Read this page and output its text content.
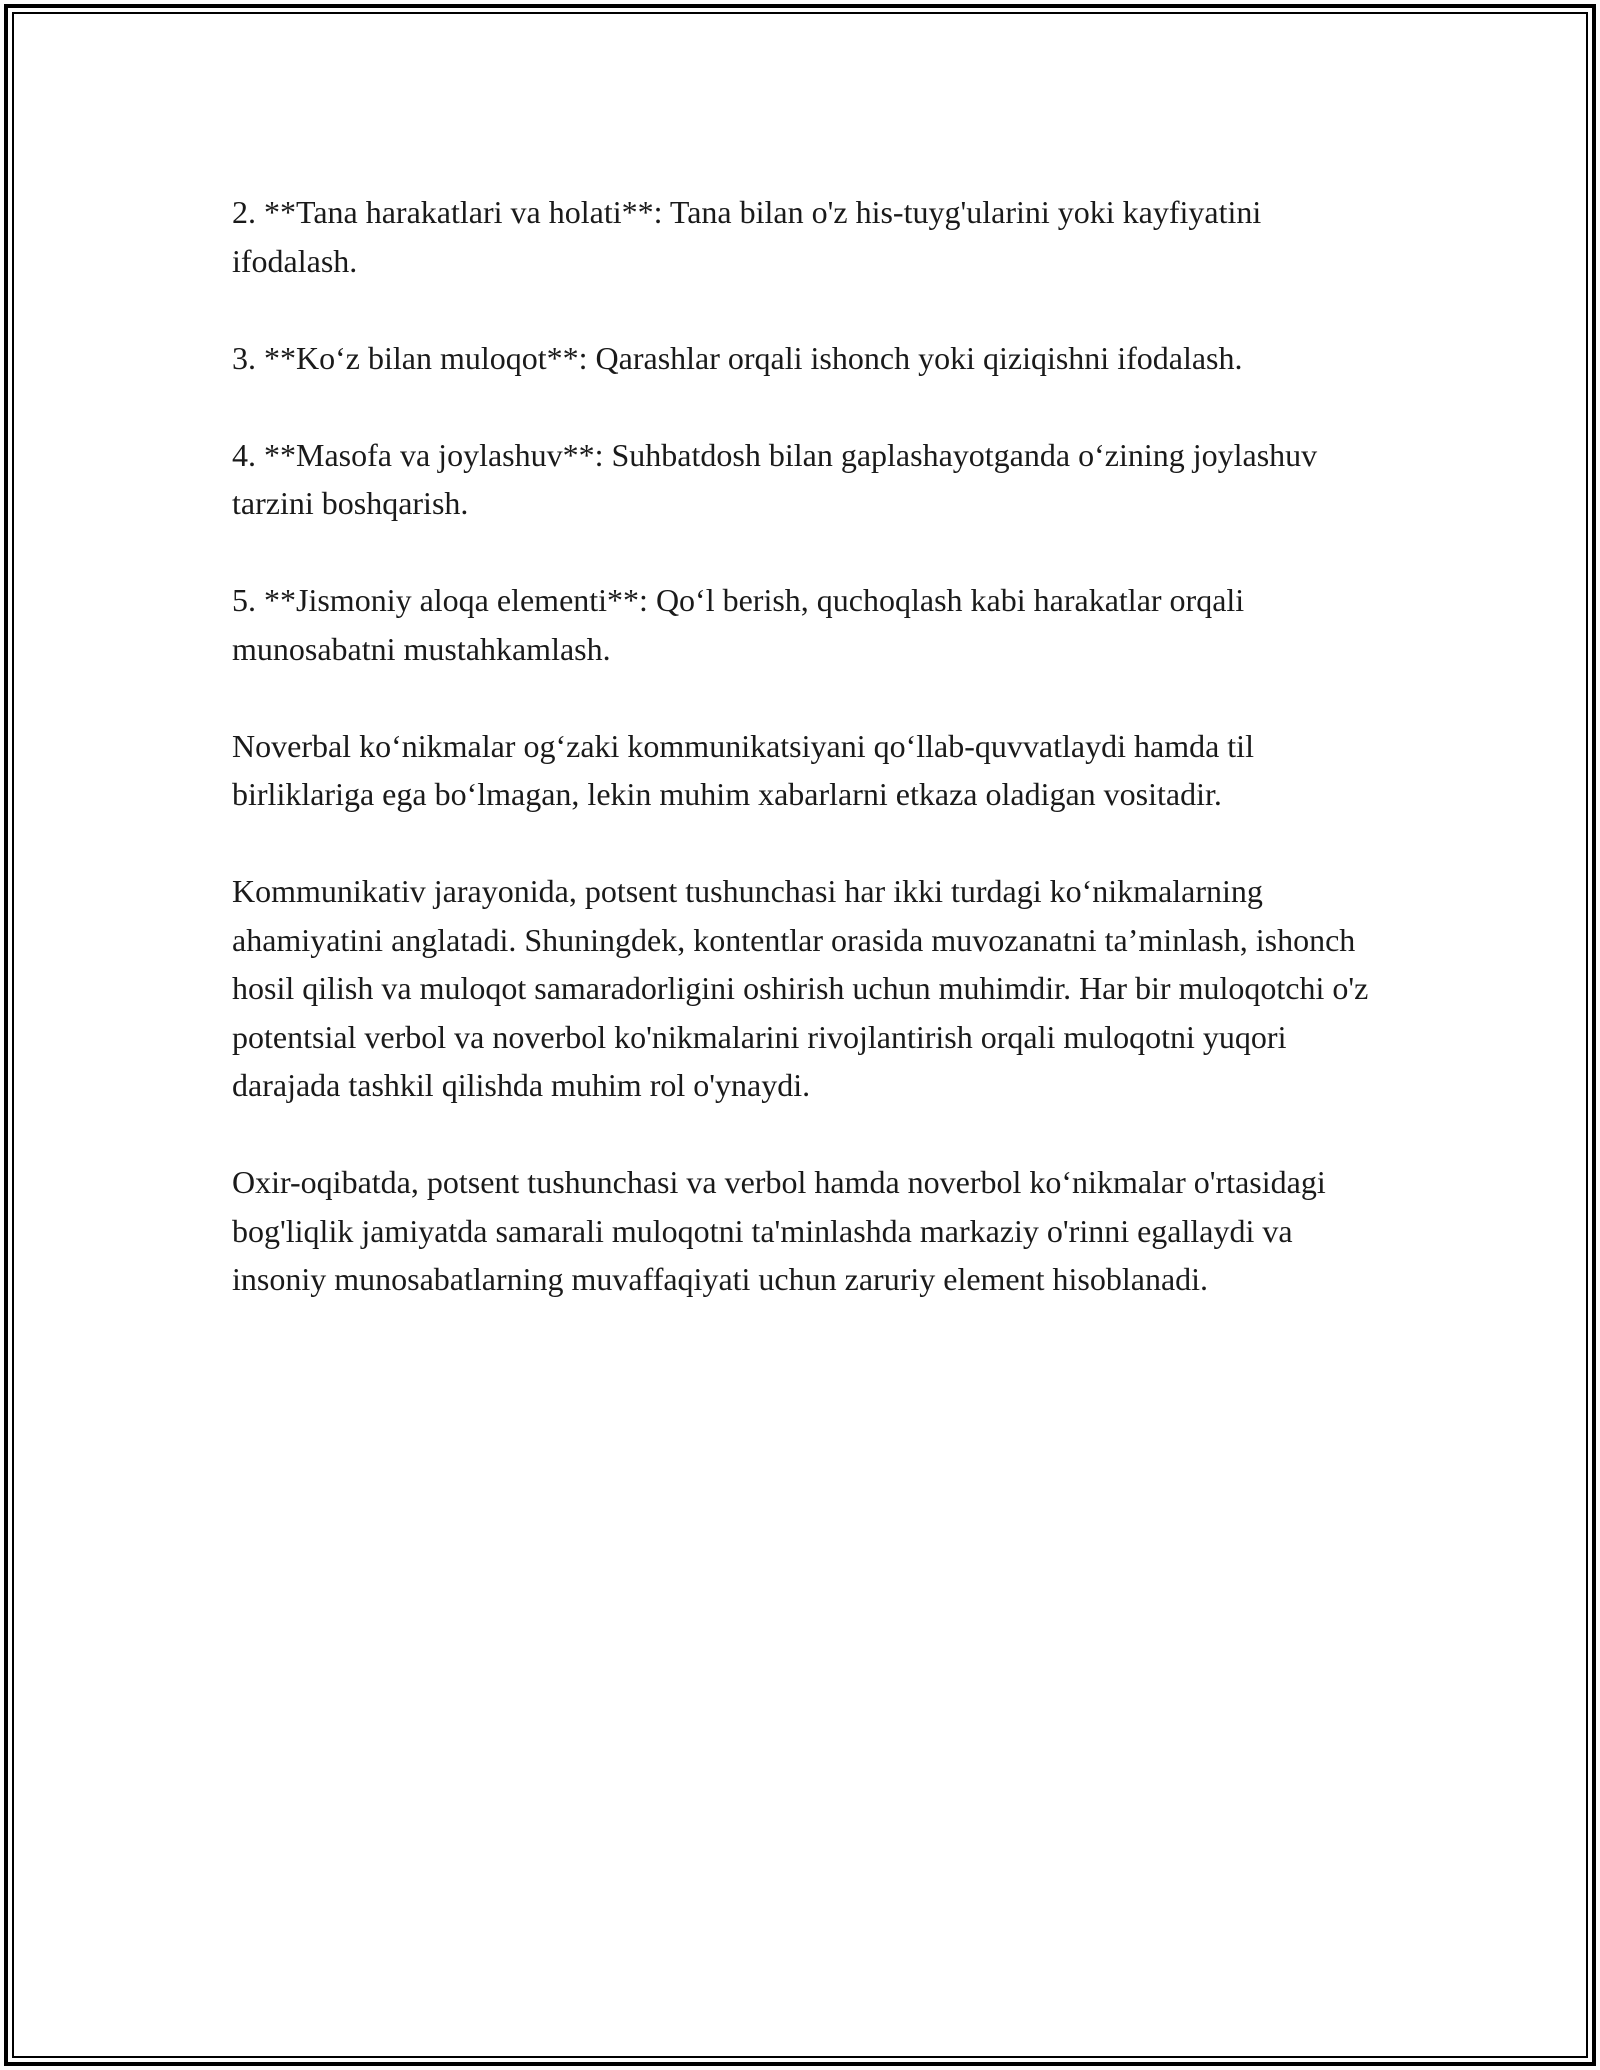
2. **Tana harakatlari va holati**: Tana bilan o'z his-tuyg'ularini yoki kayfiyatini ifodalash.

3. **Ko‘z bilan muloqot**: Qarashlar orqali ishonch yoki qiziqishni ifodalash.

4. **Masofa va joylashuv**: Suhbatdosh bilan gaplashayotganda o‘zining joylashuv tarzini boshqarish.

5. **Jismoniy aloqa elementi**: Qo‘l berish, quchoqlash kabi harakatlar orqali munosabatni mustahkamlash.

Noverbal ko‘nikmalar og‘zaki kommunikatsiyani qo‘llab-quvvatlaydi hamda til birliklariga ega bo‘lmagan, lekin muhim xabarlarni etkaza oladigan vositadir.

Kommunikativ jarayonida, potsent tushunchasi har ikki turdagi ko‘nikmalarning ahamiyatini anglatadi. Shuningdek, kontentlar orasida muvozanatni ta’minlash, ishonch hosil qilish va muloqot samaradorligini oshirish uchun muhimdir. Har bir muloqotchi o'z potentsial verbol va noverbol ko'nikmalarini rivojlantirish orqali muloqotni yuqori darajada tashkil qilishda muhim rol o'ynaydi.

Oxir-oqibatda, potsent tushunchasi va verbol hamda noverbol ko‘nikmalar o'rtasidagi bog'liqlik jamiyatda samarali muloqotni ta'minlashda markaziy o'rinni egallaydi va insoniy munosabatlarning muvaffaqiyati uchun zaruriy element hisoblanadi.
